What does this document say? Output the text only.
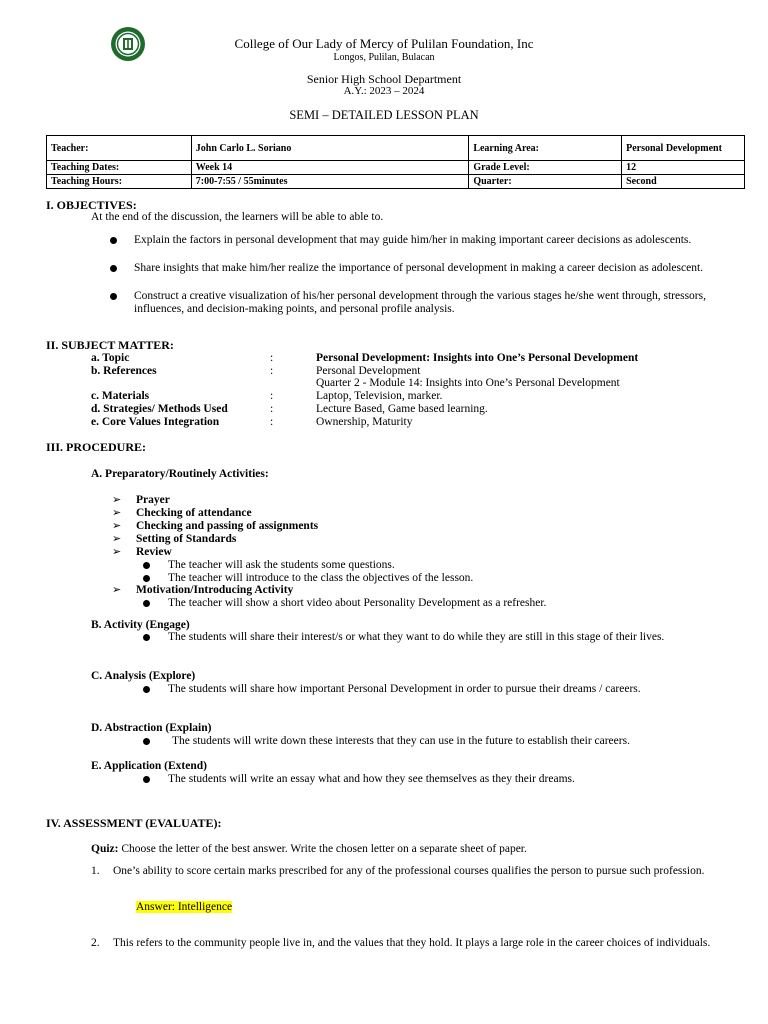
College of Our Lady of Mercy of Pulilan Foundation, Inc
Longos, Pulilan, Bulacan
Senior High School Department
A.Y.: 2023 – 2024
SEMI – DETAILED LESSON PLAN
Teacher:	John Carlo L. Soriano	Learning Area:	Personal Development
Teaching Dates:	Week 14	Grade Level:	12
Teaching Hours:	7:00-7:55 / 55minutes	Quarter:	Second
I. OBJECTIVES:
At the end of the discussion, the learners will be able to able to.
Explain the factors in personal development that may guide him/her in making important career decisions as adolescents.
Share insights that make him/her realize the importance of personal development in making a career decision as adolescent.
Construct a creative visualization of his/her personal development through the various stages he/she went through, stressors, influences, and decision-making points, and personal profile analysis.
II. SUBJECT MATTER:
a. Topic	:	Personal Development: Insights into One’s Personal Development
b. References	:	Personal Development
Quarter 2 - Module 14: Insights into One’s Personal Development
c. Materials	:	Laptop, Television, marker.
d. Strategies/ Methods Used	:	Lecture Based, Game based learning.
e. Core Values Integration	:	Ownership, Maturity
III. PROCEDURE:
A. Preparatory/Routinely Activities:
➢ Prayer
➢ Checking of attendance
➢ Checking and passing of assignments
➢ Setting of Standards
➢ Review
The teacher will ask the students some questions.
The teacher will introduce to the class the objectives of the lesson.
➢ Motivation/Introducing Activity
The teacher will show a short video about Personality Development as a refresher.
B. Activity (Engage)
The students will share their interest/s or what they want to do while they are still in this stage of their lives.
C. Analysis (Explore)
The students will share how important Personal Development in order to pursue their dreams / careers.
D. Abstraction (Explain)
The students will write down these interests that they can use in the future to establish their careers.
E. Application (Extend)
The students will write an essay what and how they see themselves as they their dreams.
IV. ASSESSMENT (EVALUATE):
Quiz: Choose the letter of the best answer. Write the chosen letter on a separate sheet of paper.
1. One’s ability to score certain marks prescribed for any of the professional courses qualifies the person to pursue such profession.
Answer: Intelligence
2. This refers to the community people live in, and the values that they hold. It plays a large role in the career choices of individuals.
